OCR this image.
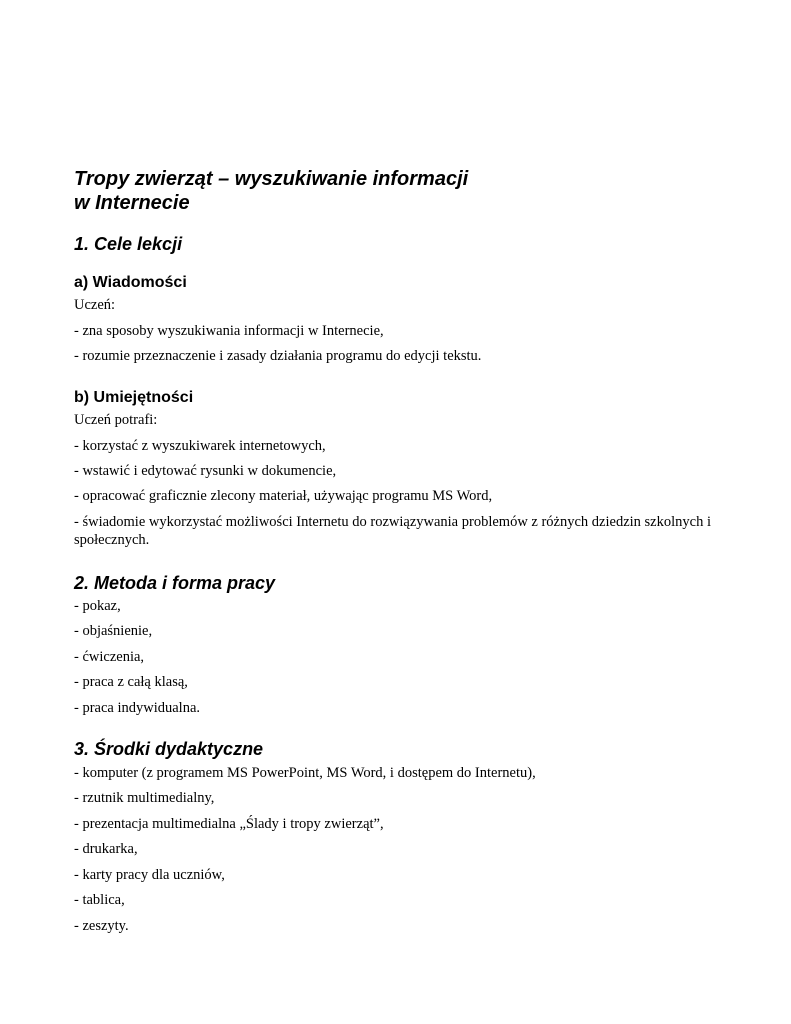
Tropy zwierząt – wyszukiwanie informacji
w Internecie
1. Cele lekcji
a) Wiadomości

Uczeń:

- zna sposoby wyszukiwania informacji w Internecie,

- rozumie przeznaczenie i zasady działania programu do edycji tekstu.

b) Umiejętności

Uczeń potrafi:

- korzystać z wyszukiwarek internetowych,

- wstawić i edytować rysunki w dokumencie,

- opracować graficznie zlecony materiał, używając programu MS Word,

- świadomie wykorzystać możliwości Internetu do rozwiązywania problemów z różnych dziedzin szkolnych i społecznych.

2. Metoda i forma pracy

- pokaz,

- objaśnienie,

- ćwiczenia,

- praca z całą klasą,

- praca indywidualna.

3. Środki dydaktyczne

- komputer (z programem MS PowerPoint, MS Word, i dostępem do Internetu),

- rzutnik multimedialny,

- prezentacja multimedialna „Ślady i tropy zwierząt”,

- drukarka,

- karty pracy dla uczniów,

- tablica,

- zeszyty.
